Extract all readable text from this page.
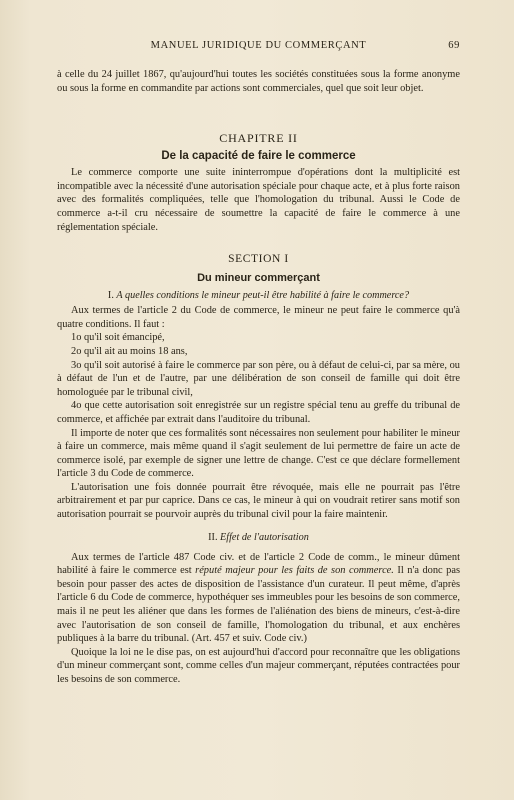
MANUEL JURIDIQUE DU COMMERÇANT	69

à celle du 24 juillet 1867, qu'aujourd'hui toutes les sociétés constituées sous la forme anonyme ou sous la forme en commandite par actions sont commerciales, quel que soit leur objet.

CHAPITRE II
De la capacité de faire le commerce

Le commerce comporte une suite ininterrompue d'opérations dont la multiplicité est incompatible avec la nécessité d'une autorisation spéciale pour chaque acte, et à plus forte raison avec des formalités compliquées, telle que l'homologation du tribunal. Aussi le Code de commerce a-t-il cru nécessaire de soumettre la capacité de faire le commerce à une réglementation spéciale.

SECTION I
Du mineur commerçant
I. A quelles conditions le mineur peut-il être habilité à faire le commerce?

Aux termes de l'article 2 du Code de commerce, le mineur ne peut faire le commerce qu'à quatre conditions. Il faut :

1o qu'il soit émancipé,

2o qu'il ait au moins 18 ans,

3o qu'il soit autorisé à faire le commerce par son père, ou à défaut de celui-ci, par sa mère, ou à défaut de l'un et de l'autre, par une délibération de son conseil de famille qui doit être homologuée par le tribunal civil,

4o que cette autorisation soit enregistrée sur un registre spécial tenu au greffe du tribunal de commerce, et affichée par extrait dans l'auditoire du tribunal.

Il importe de noter que ces formalités sont nécessaires non seulement pour habiliter le mineur à faire un commerce, mais même quand il s'agit seulement de lui permettre de faire un acte de commerce isolé, par exemple de signer une lettre de change. C'est ce que déclare formellement l'article 3 du Code de commerce.

L'autorisation une fois donnée pourrait être révoquée, mais elle ne pourrait pas l'être arbitrairement et par pur caprice. Dans ce cas, le mineur à qui on voudrait retirer sans motif son autorisation pourrait se pourvoir auprès du tribunal civil pour la faire maintenir.

II. Effet de l'autorisation

Aux termes de l'article 487 Code civ. et de l'article 2 Code de comm., le mineur dûment habilité à faire le commerce est réputé majeur pour les faits de son commerce. Il n'a donc pas besoin pour passer des actes de disposition de l'assistance d'un curateur. Il peut même, d'après l'article 6 du Code de commerce, hypothéquer ses immeubles pour les besoins de son commerce, mais il ne peut les aliéner que dans les formes de l'aliénation des biens de mineurs, c'est-à-dire avec l'autorisation de son conseil de famille, l'homologation du tribunal, et aux enchères publiques à la barre du tribunal. (Art. 457 et suiv. Code civ.)

Quoique la loi ne le dise pas, on est aujourd'hui d'accord pour reconnaître que les obligations d'un mineur commerçant sont, comme celles d'un majeur commerçant, réputées contractées pour les besoins de son commerce.
